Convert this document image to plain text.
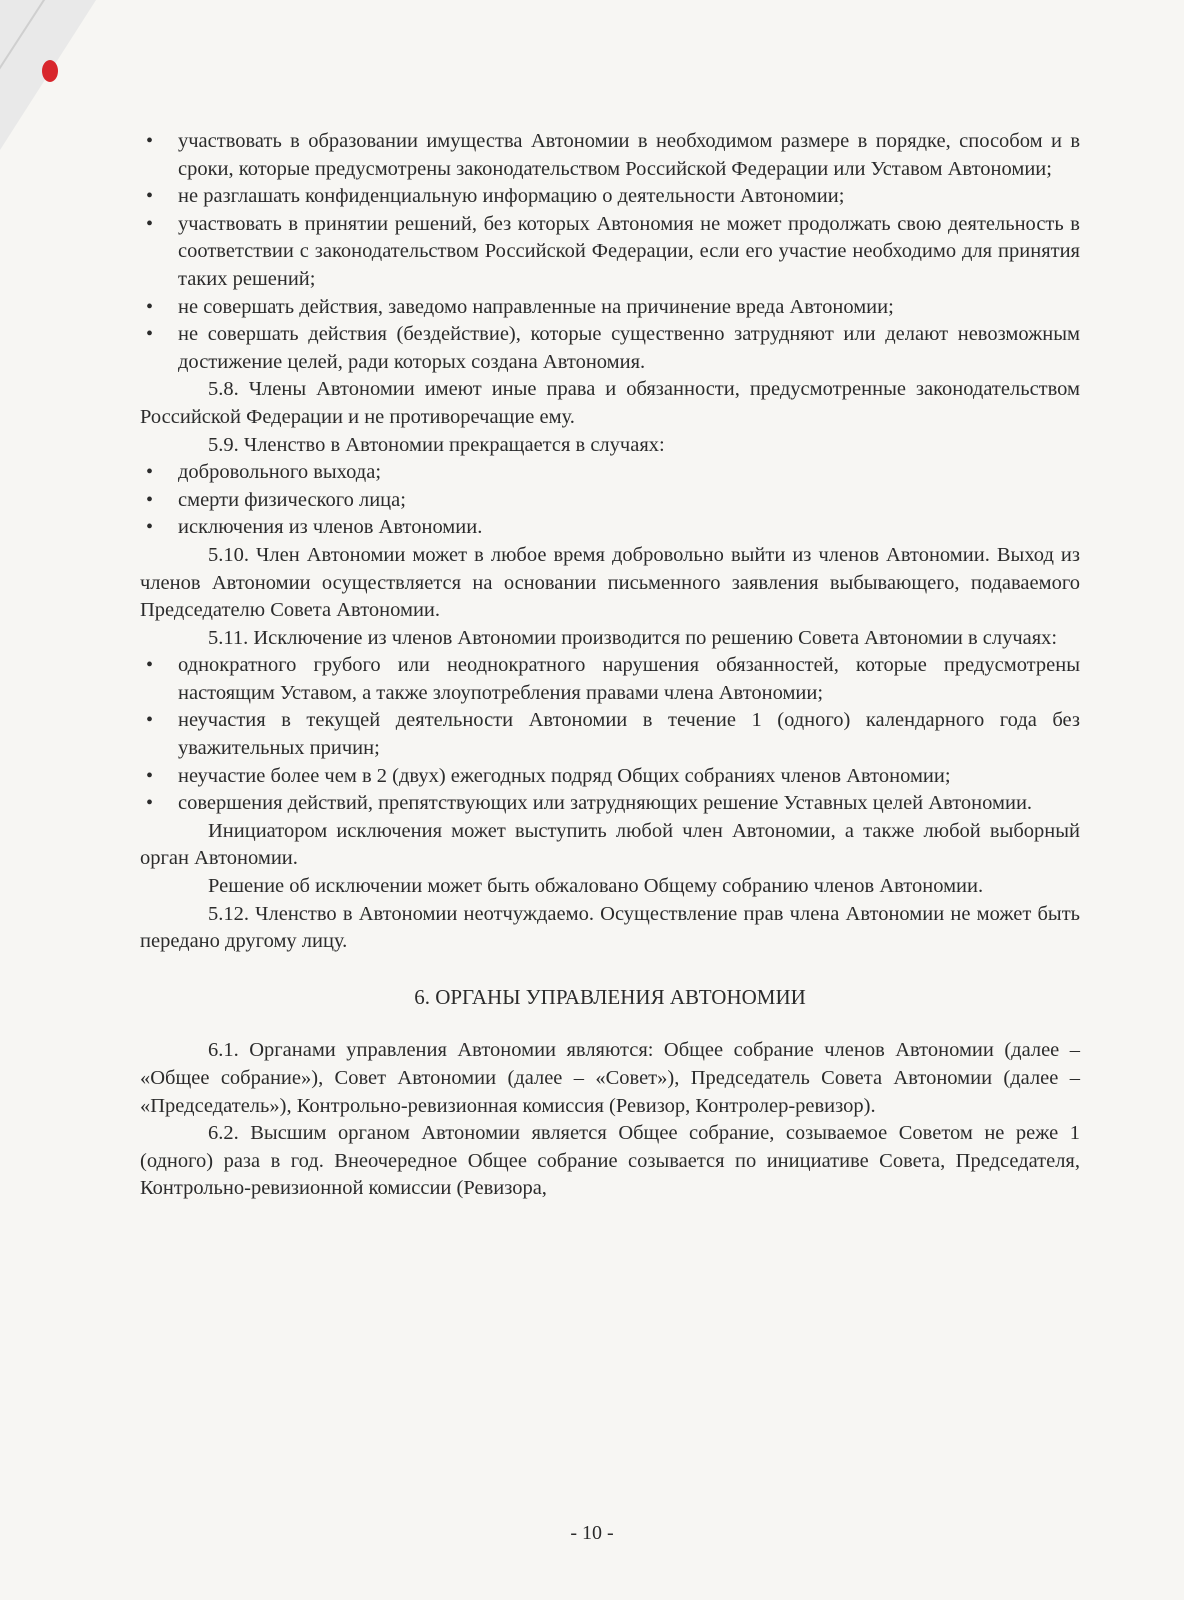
• участвовать в образовании имущества Автономии в необходимом размере в порядке, способом и в сроки, которые предусмотрены законодательством Российской Федерации или Уставом Автономии;
• не разглашать конфиденциальную информацию о деятельности Автономии;
• участвовать в принятии решений, без которых Автономия не может продолжать свою деятельность в соответствии с законодательством Российской Федерации, если его участие необходимо для принятия таких решений;
• не совершать действия, заведомо направленные на причинение вреда Автономии;
• не совершать действия (бездействие), которые существенно затрудняют или делают невозможным достижение целей, ради которых создана Автономия.
5.8. Члены Автономии имеют иные права и обязанности, предусмотренные законодательством Российской Федерации и не противоречащие ему.
5.9. Членство в Автономии прекращается в случаях:
• добровольного выхода;
• смерти физического лица;
• исключения из членов Автономии.
5.10. Член Автономии может в любое время добровольно выйти из членов Автономии. Выход из членов Автономии осуществляется на основании письменного заявления выбывающего, подаваемого Председателю Совета Автономии.
5.11. Исключение из членов Автономии производится по решению Совета Автономии в случаях:
• однократного грубого или неоднократного нарушения обязанностей, которые предусмотрены настоящим Уставом, а также злоупотребления правами члена Автономии;
• неучастия в текущей деятельности Автономии в течение 1 (одного) календарного года без уважительных причин;
• неучастие более чем в 2 (двух) ежегодных подряд Общих собраниях членов Автономии;
• совершения действий, препятствующих или затрудняющих решение Уставных целей Автономии.
Инициатором исключения может выступить любой член Автономии, а также любой выборный орган Автономии.
Решение об исключении может быть обжаловано Общему собранию членов Автономии.
5.12. Членство в Автономии неотчуждаемо. Осуществление прав члена Автономии не может быть передано другому лицу.
6. ОРГАНЫ УПРАВЛЕНИЯ АВТОНОМИИ
6.1. Органами управления Автономии являются: Общее собрание членов Автономии (далее – «Общее собрание»), Совет Автономии (далее – «Совет»), Председатель Совета Автономии (далее – «Председатель»), Контрольно-ревизионная комиссия (Ревизор, Контролер-ревизор).
6.2. Высшим органом Автономии является Общее собрание, созываемое Советом не реже 1 (одного) раза в год. Внеочередное Общее собрание созывается по инициативе Совета, Председателя, Контрольно-ревизионной комиссии (Ревизора,
- 10 -
